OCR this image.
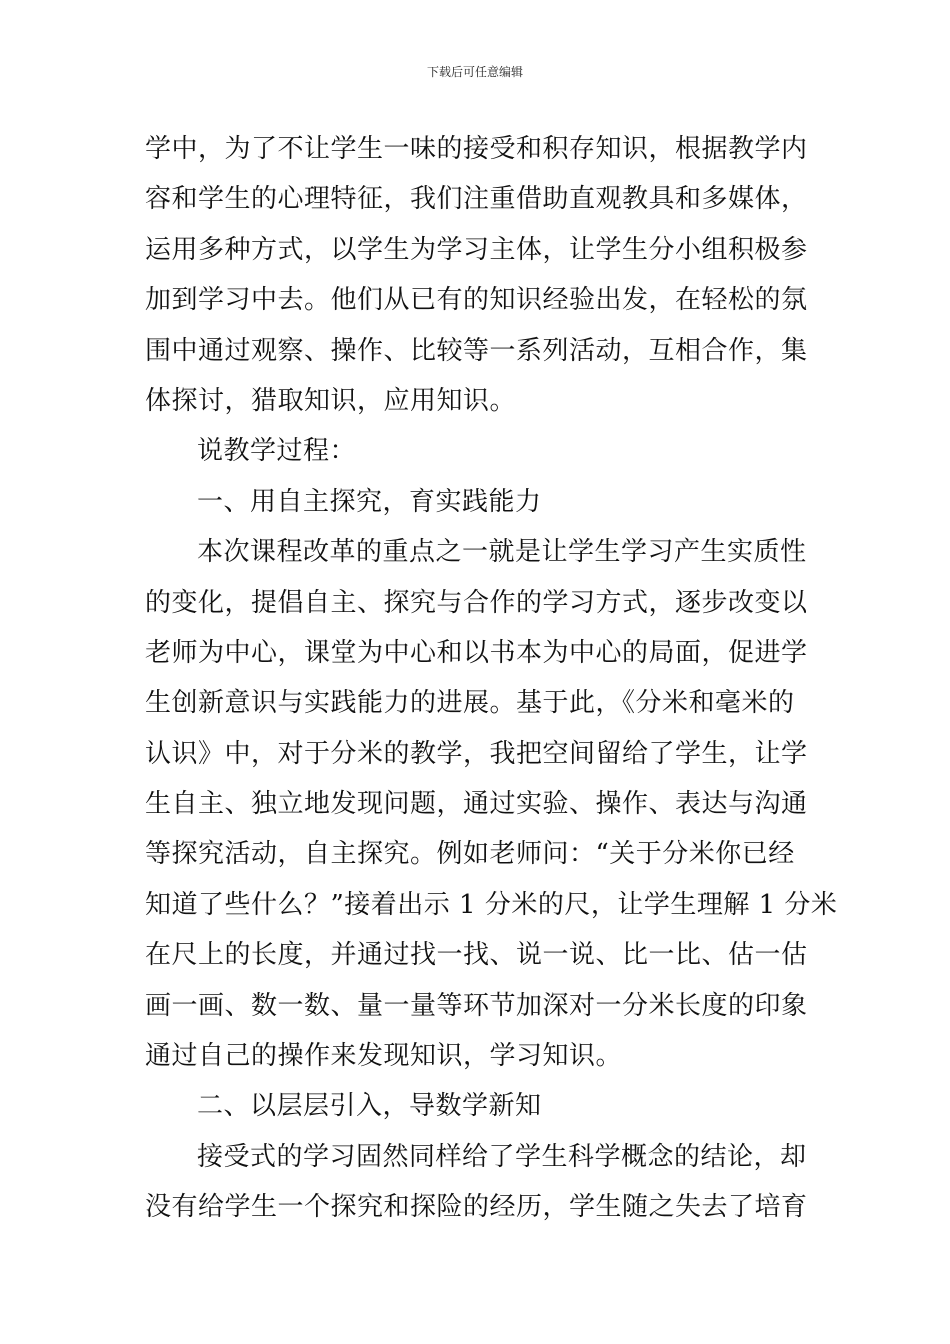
下载后可任意编辑
学中，为了不让学生一味的接受和积存知识，根据教学内
容和学生的心理特征，我们注重借助直观教具和多媒体，
运用多种方式，以学生为学习主体，让学生分小组积极参
加到学习中去。他们从已有的知识经验出发，在轻松的氛
围中通过观察、操作、比较等一系列活动，互相合作，集
体探讨，猎取知识，应用知识。
说教学过程：
一、用自主探究，育实践能力
本次课程改革的重点之一就是让学生学习产生实质性
的变化，提倡自主、探究与合作的学习方式，逐步改变以
老师为中心，课堂为中心和以书本为中心的局面，促进学
生创新意识与实践能力的进展。基于此，《分米和毫米的
认识》中，对于分米的教学，我把空间留给了学生，让学
生自主、独立地发现问题，通过实验、操作、表达与沟通
等探究活动，自主探究。例如老师问：“关于分米你已经
知道了些什么？”接着出示 1 分米的尺，让学生理解 1 分米
在尺上的长度，并通过找一找、说一说、比一比、估一估
画一画、数一数、量一量等环节加深对一分米长度的印象
通过自己的操作来发现知识，学习知识。
二、以层层引入，导数学新知
接受式的学习固然同样给了学生科学概念的结论，却
没有给学生一个探究和探险的经历，学生随之失去了培育
